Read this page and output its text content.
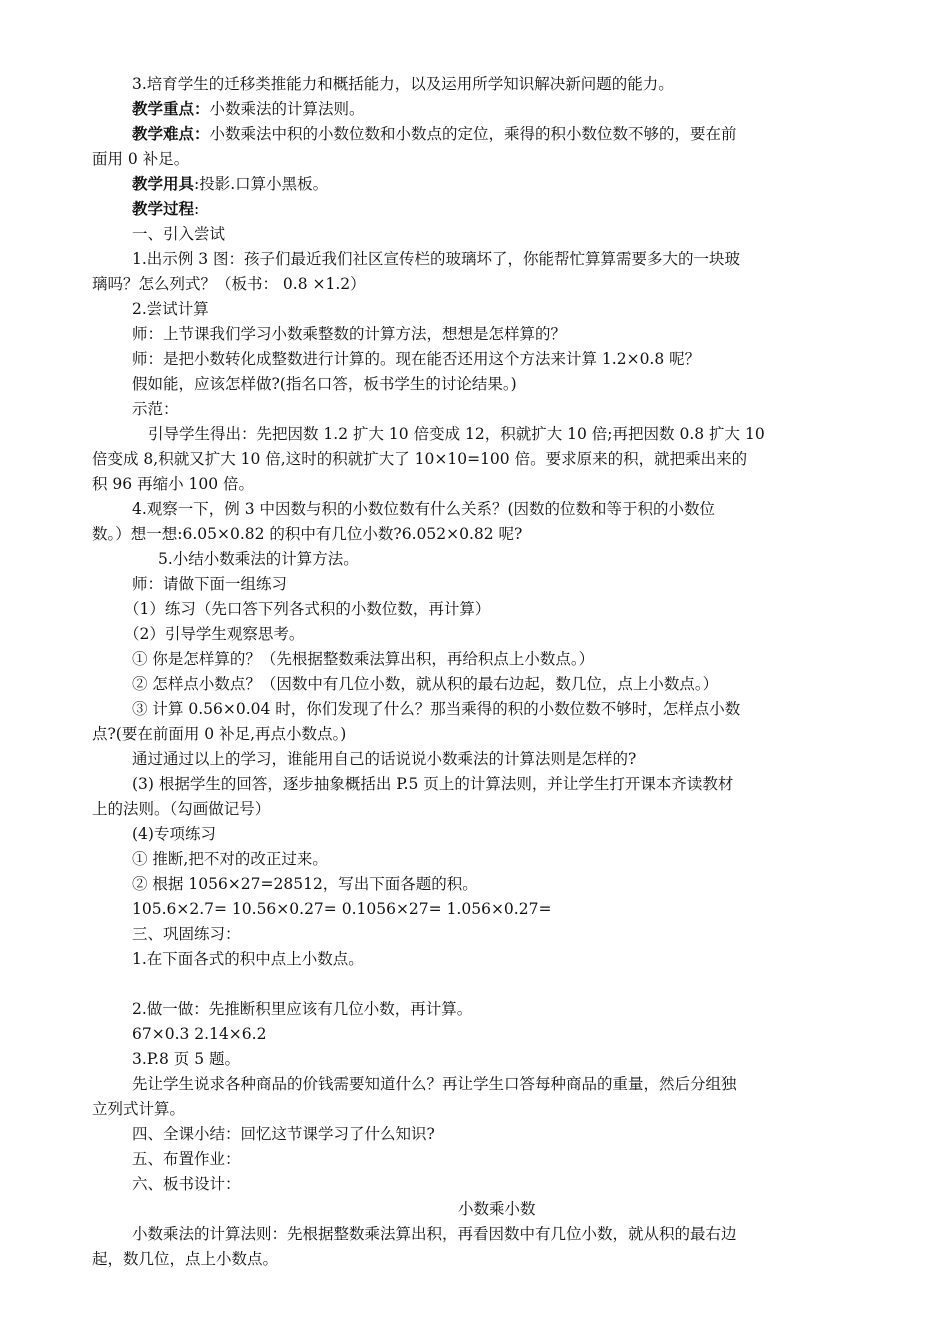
3.培育学生的迁移类推能力和概括能力，以及运用所学知识解决新问题的能力。
教学重点：小数乘法的计算法则。
教学难点：小数乘法中积的小数位数和小数点的定位，乘得的积小数位数不够的，要在前
面用 0 补足。
教学用具:投影.口算小黑板。
教学过程:
一、引入尝试
1.出示例 3 图：孩子们最近我们社区宣传栏的玻璃坏了，你能帮忙算算需要多大的一块玻
璃吗？怎么列式？（板书： 0.8 ×1.2）
2.尝试计算
师：上节课我们学习小数乘整数的计算方法，想想是怎样算的？
师：是把小数转化成整数进行计算的。现在能否还用这个方法来计算 1.2×0.8 呢？
假如能，应该怎样做?(指名口答，板书学生的讨论结果。)
示范：
引导学生得出：先把因数 1.2 扩大 10 倍变成 12，积就扩大 10 倍;再把因数 0.8 扩大 10
倍变成 8,积就又扩大 10 倍,这时的积就扩大了 10×10=100 倍。要求原来的积，就把乘出来的
积 96 再缩小 100 倍。
4.观察一下，例 3 中因数与积的小数位数有什么关系？(因数的位数和等于积的小数位
数。）想一想:6.05×0.82 的积中有几位小数?6.052×0.82 呢?
5.小结小数乘法的计算方法。
师：请做下面一组练习
（1）练习（先口答下列各式积的小数位数，再计算）
（2）引导学生观察思考。
① 你是怎样算的？（先根据整数乘法算出积，再给积点上小数点。）
② 怎样点小数点？（因数中有几位小数，就从积的最右边起，数几位，点上小数点。）
③ 计算 0.56×0.04 时，你们发现了什么？那当乘得的积的小数位数不够时，怎样点小数
点?(要在前面用 0 补足,再点小数点。)
通过通过以上的学习，谁能用自己的话说说小数乘法的计算法则是怎样的?
(3) 根据学生的回答，逐步抽象概括出 P.5 页上的计算法则，并让学生打开课本齐读教材
上的法则。（勾画做记号）
(4)专项练习
① 推断,把不对的改正过来。
② 根据 1056×27=28512，写出下面各题的积。
105.6×2.7= 10.56×0.27= 0.1056×27= 1.056×0.27=
三、巩固练习：
1.在下面各式的积中点上小数点。
2.做一做：先推断积里应该有几位小数，再计算。
67×0.3 2.14×6.2
3.P.8 页 5 题。
先让学生说求各种商品的价钱需要知道什么？再让学生口答每种商品的重量，然后分组独
立列式计算。
四、全课小结：回忆这节课学习了什么知识?
五、布置作业：
六、板书设计：
小数乘小数
小数乘法的计算法则：先根据整数乘法算出积，再看因数中有几位小数，就从积的最右边
起，数几位，点上小数点。
